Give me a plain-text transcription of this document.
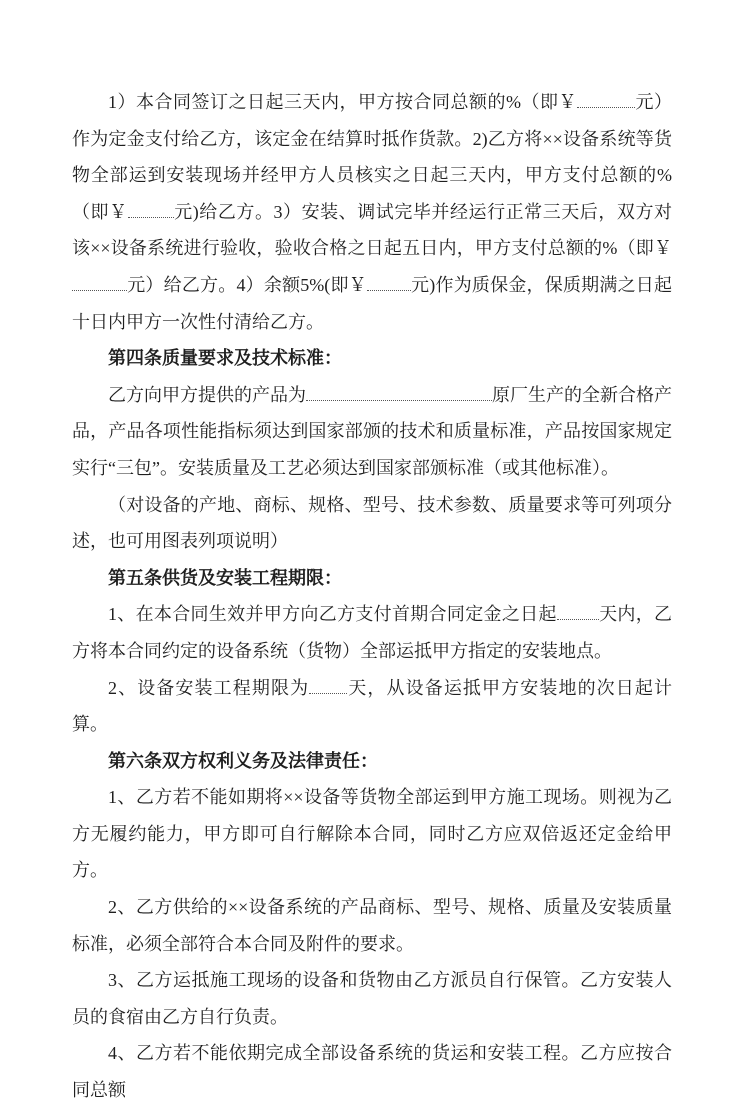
1）本合同签订之日起三天内，甲方按合同总额的%（即￥	元）作为定金支付给乙方，该定金在结算时抵作货款。2)乙方将××设备系统等货物全部运到安装现场并经甲方人员核实之日起三天内，甲方支付总额的%（即￥	元)给乙方。3）安装、调试完毕并经运行正常三天后，双方对该××设备系统进行验收，验收合格之日起五日内，甲方支付总额的%（即￥元）给乙方。4）余额5%(即￥ 元)作为质保金，保质期满之日起十日内甲方一次性付清给乙方。

第四条质量要求及技术标准：

乙方向甲方提供的产品为	原厂生产的全新合格产品，产品各项性能指标须达到国家部颁的技术和质量标准，产品按国家规定实行“三包”。安装质量及工艺必须达到国家部颁标准（或其他标准）。

（对设备的产地、商标、规格、型号、技术参数、质量要求等可列项分述，也可用图表列项说明）

第五条供货及安装工程期限：

1、在本合同生效并甲方向乙方支付首期合同定金之日起 天内，乙方将本合同约定的设备系统（货物）全部运抵甲方指定的安装地点。

2、设备安装工程期限为 天，从设备运抵甲方安装地的次日起计算。

第六条双方权利义务及法律责任：

1、乙方若不能如期将××设备等货物全部运到甲方施工现场。则视为乙方无履约能力，甲方即可自行解除本合同，同时乙方应双倍返还定金给甲方。

2、乙方供给的××设备系统的产品商标、型号、规格、质量及安装质量标准，必须全部符合本合同及附件的要求。

3、乙方运抵施工现场的设备和货物由乙方派员自行保管。乙方安装人员的食宿由乙方自行负责。

4、乙方若不能依期完成全部设备系统的货运和安装工程。乙方应按合同总额
